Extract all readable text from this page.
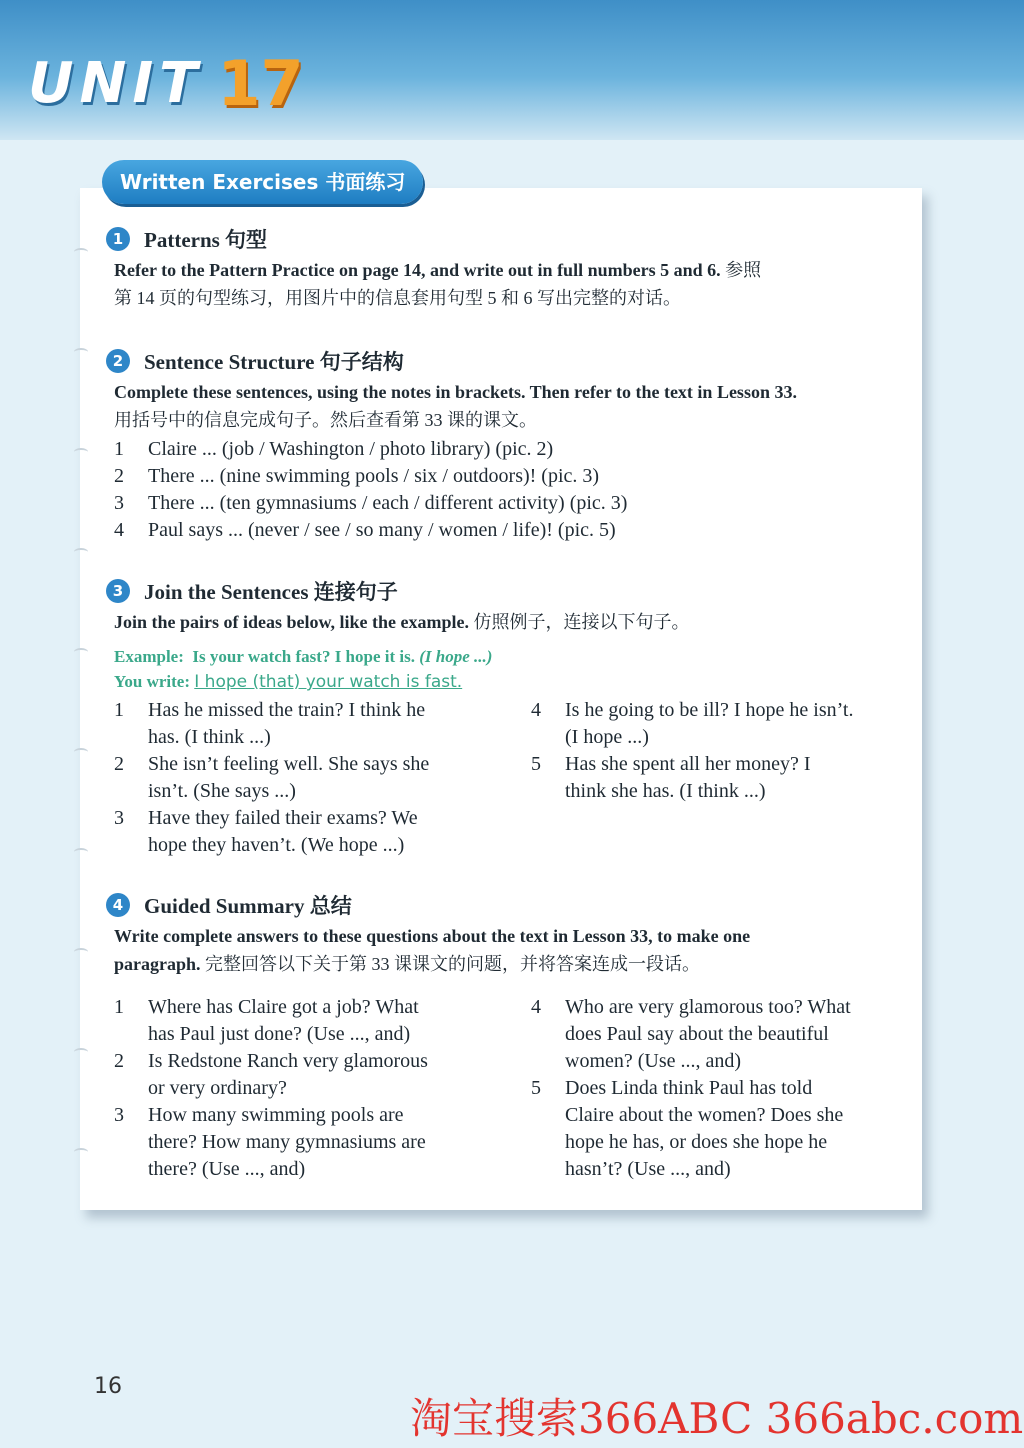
UNIT 17
Written Exercises 书面练习
1 Patterns 句型
Refer to the Pattern Practice on page 14, and write out in full numbers 5 and 6. 参照
第 14 页的句型练习，用图片中的信息套用句型 5 和 6 写出完整的对话。
2 Sentence Structure 句子结构
Complete these sentences, using the notes in brackets. Then refer to the text in Lesson 33.
用括号中的信息完成句子。然后查看第 33 课的课文。
1	Claire ... (job / Washington / photo library) (pic. 2)
2	There ... (nine swimming pools / six / outdoors)! (pic. 3)
3	There ... (ten gymnasiums / each / different activity) (pic. 3)
4	Paul says ... (never / see / so many / women / life)! (pic. 5)
3 Join the Sentences 连接句子
Join the pairs of ideas below, like the example. 仿照例子，连接以下句子。
Example: Is your watch fast? I hope it is. (I hope ...)
You write: I hope (that) your watch is fast.
1	Has he missed the train? I think he
has. (I think ...)
2	She isn’t feeling well. She says she
isn’t. (She says ...)
3	Have they failed their exams? We
hope they haven’t. (We hope ...)
4	Is he going to be ill? I hope he isn’t.
(I hope ...)
5	Has she spent all her money? I
think she has. (I think ...)
4 Guided Summary 总结
Write complete answers to these questions about the text in Lesson 33, to make one
paragraph. 完整回答以下关于第 33 课课文的问题，并将答案连成一段话。
1	Where has Claire got a job? What
has Paul just done? (Use ..., and)
2	Is Redstone Ranch very glamorous
or very ordinary?
3	How many swimming pools are
there? How many gymnasiums are
there? (Use ..., and)
4	Who are very glamorous too? What
does Paul say about the beautiful
women? (Use ..., and)
5	Does Linda think Paul has told
Claire about the women? Does she
hope he has, or does she hope he
hasn’t? (Use ..., and)
16
淘宝搜索366ABC 366abc.com
